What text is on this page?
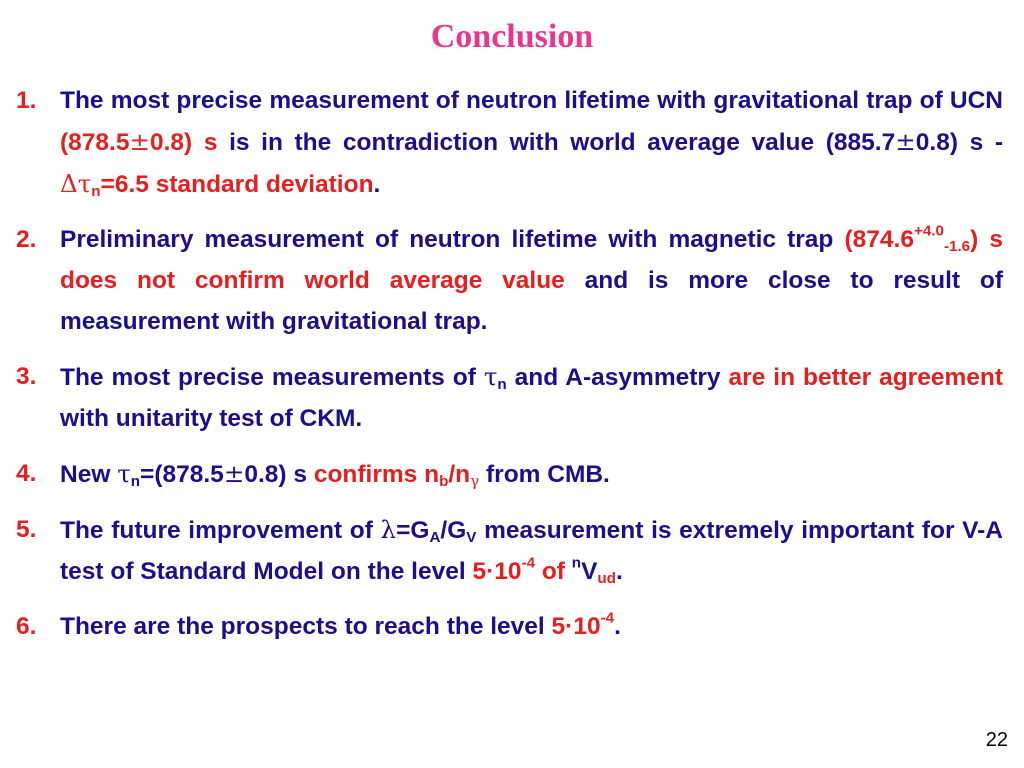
Conclusion
1. The most precise measurement of neutron lifetime with gravitational trap of UCN (878.5±0.8) s is in the contradiction with world average value (885.7±0.8) $s - \Delta\tau_n=6.5$ standard deviation.
2. Preliminary measurement of neutron lifetime with magnetic trap $(874.6^{+4.0}_{-1.6})$ s does not confirm world average value and is more close to result of measurement with gravitational trap.
3. The most precise measurements of $\tau_n$ and A-asymmetry are in better agreement with unitarity test of CKM.
4. New $\tau_n=(878.5\pm 0.8)$ s confirms $n_b/n_\gamma$ from CMB.
5. The future improvement of $\lambda=G_A/G_V$ measurement is extremely important for V-A test of Standard Model on the level $5\cdot 10^{-4}$ of $^nV_{ud}$.
6. There are the prospects to reach the level $5\cdot 10^{-4}$.
22
